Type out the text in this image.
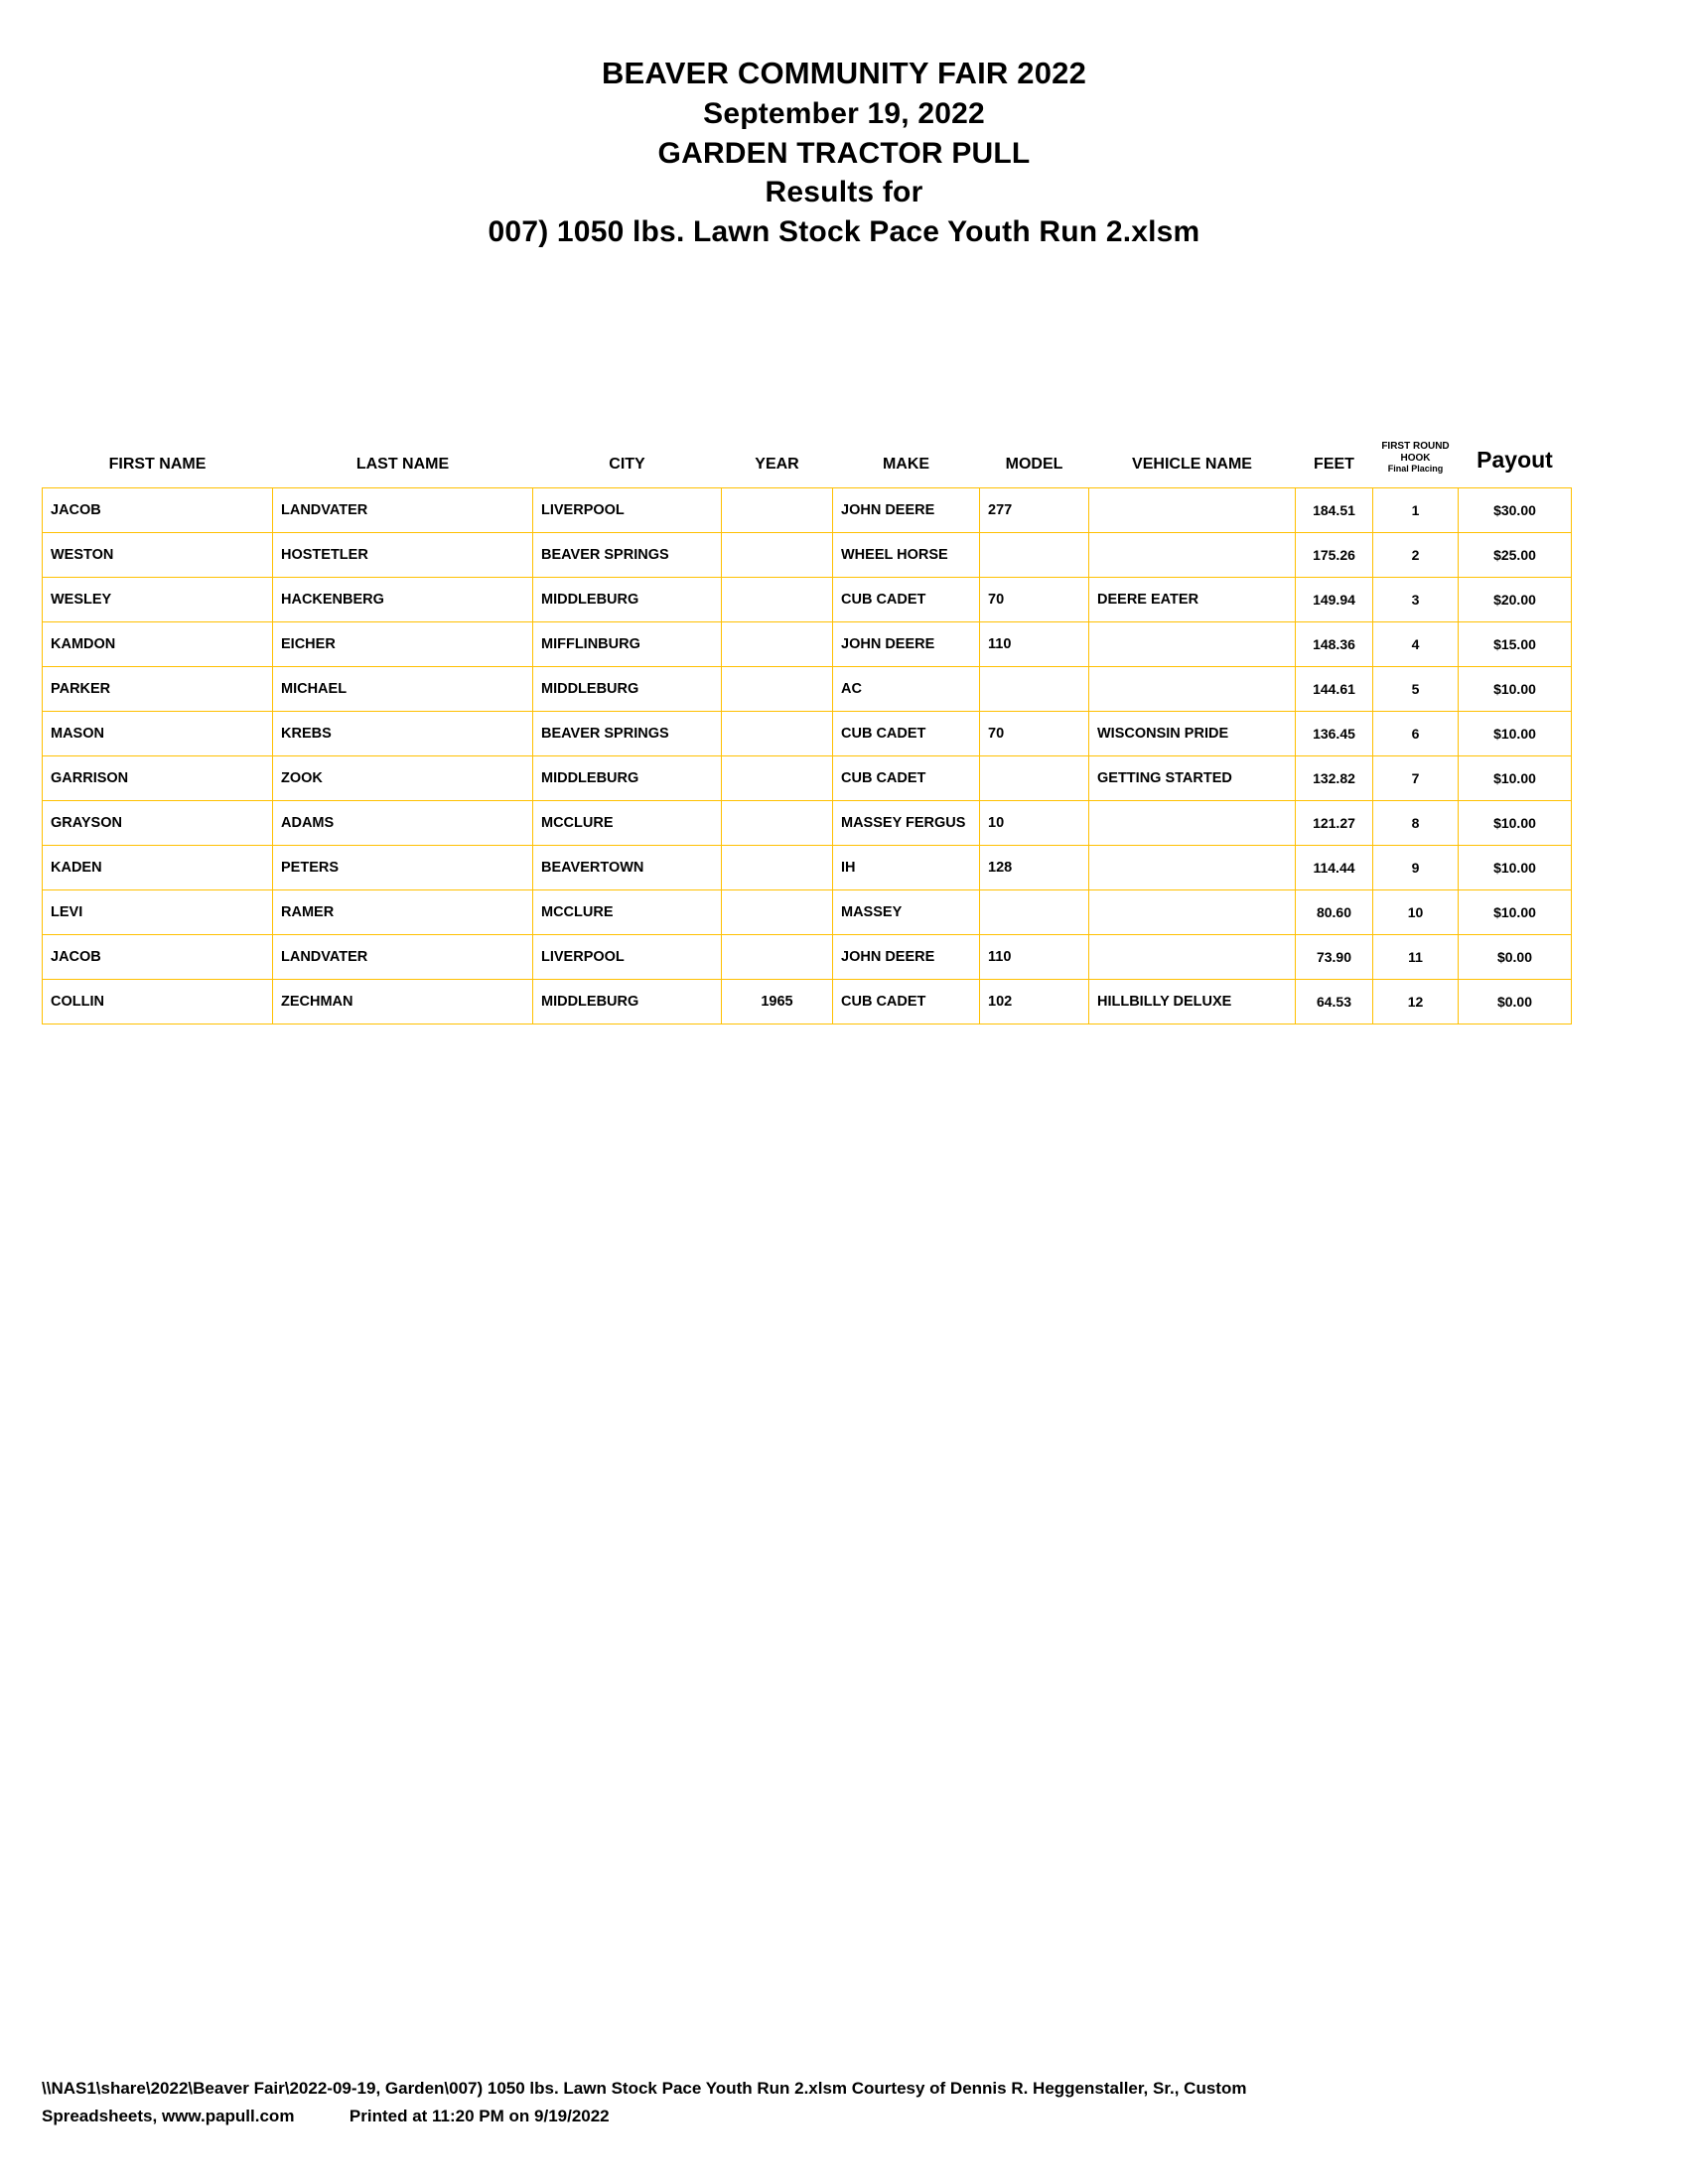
BEAVER COMMUNITY FAIR 2022
September 19, 2022
GARDEN TRACTOR PULL
Results for
007) 1050 lbs. Lawn Stock Pace Youth Run 2.xlsm
FIRST NAME	LAST NAME	CITY	YEAR	MAKE	MODEL	VEHICLE NAME	FEET	FIRST ROUND
HOOK
Final Placing	Payout
JACOB	LANDVATER	LIVERPOOL		JOHN DEERE	277		184.51	1	$30.00
WESTON	HOSTETLER	BEAVER SPRINGS		WHEEL HORSE			175.26	2	$25.00
WESLEY	HACKENBERG	MIDDLEBURG		CUB CADET	70	DEERE EATER	149.94	3	$20.00
KAMDON	EICHER	MIFFLINBURG		JOHN DEERE	110		148.36	4	$15.00
PARKER	MICHAEL	MIDDLEBURG		AC			144.61	5	$10.00
MASON	KREBS	BEAVER SPRINGS		CUB CADET	70	WISCONSIN PRIDE	136.45	6	$10.00
GARRISON	ZOOK	MIDDLEBURG		CUB CADET		GETTING STARTED	132.82	7	$10.00
GRAYSON	ADAMS	MCCLURE		MASSEY FERGUS	10		121.27	8	$10.00
KADEN	PETERS	BEAVERTOWN		IH	128		114.44	9	$10.00
LEVI	RAMER	MCCLURE		MASSEY			80.60	10	$10.00
JACOB	LANDVATER	LIVERPOOL		JOHN DEERE	110		73.90	11	$0.00
COLLIN	ZECHMAN	MIDDLEBURG	1965	CUB CADET	102	HILLBILLY DELUXE	64.53	12	$0.00
\\NAS1\share\2022\Beaver Fair\2022-09-19, Garden\007) 1050 lbs. Lawn Stock Pace Youth Run 2.xlsm Courtesy of Dennis R. Heggenstaller, Sr., Custom
Spreadsheets, www.papull.com	Printed at 11:20 PM on 9/19/2022
